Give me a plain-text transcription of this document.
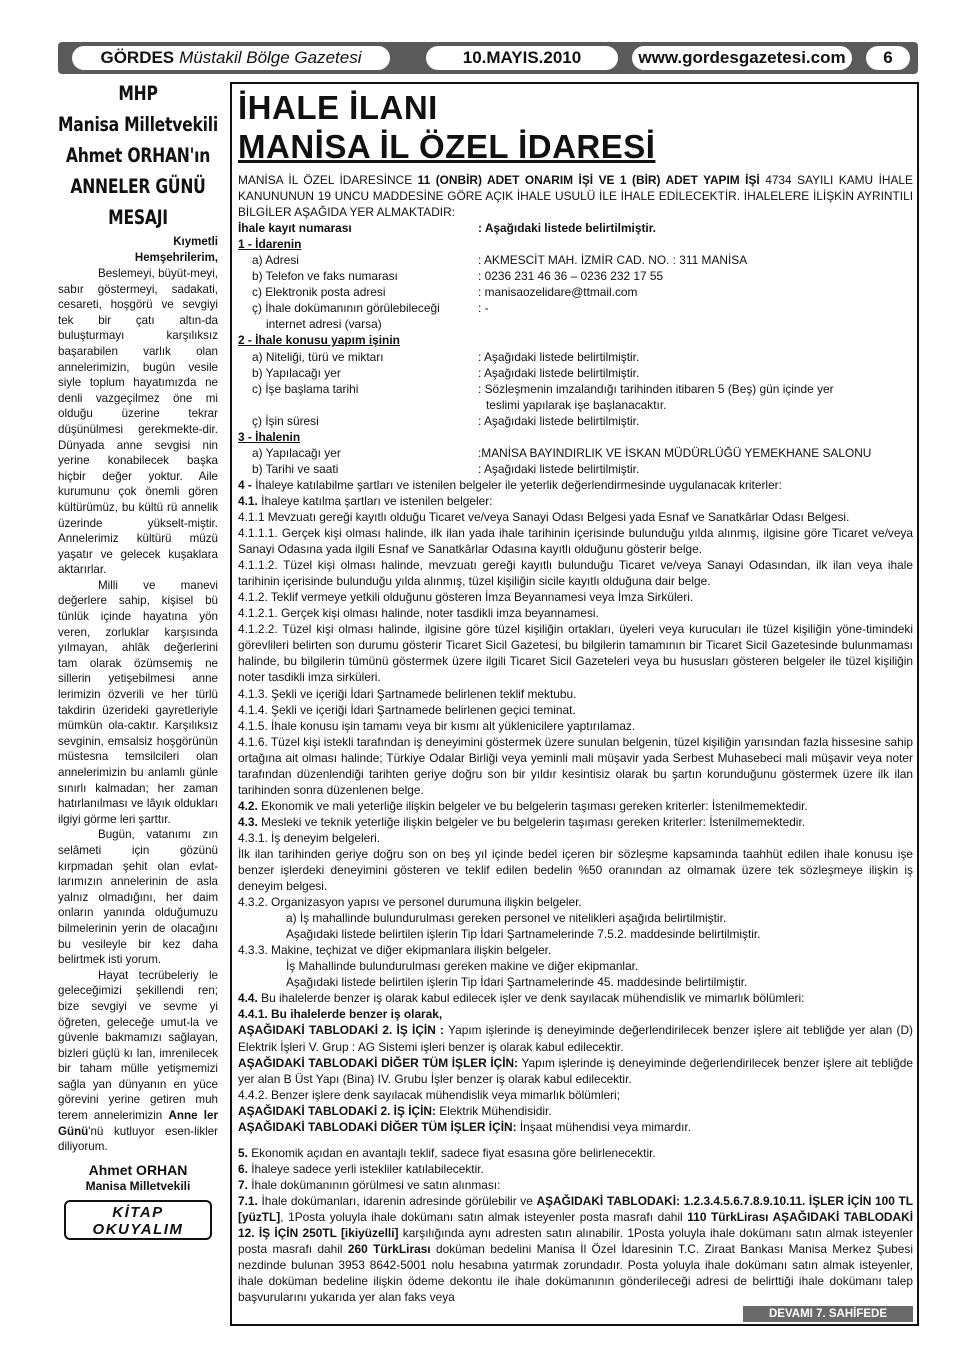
GÖRDES Müstakil Bölge Gazetesi	10.MAYIS.2010	www.gordesgazetesi.com	6
MHP
Manisa Milletvekili
Ahmet ORHAN'ın
ANNELER GÜNÜ
MESAJI
Kıymetli
Hemşehrilerim,

Beslemeyi, büyüt-meyi, sabır göstermeyi, sadakati, cesareti, hoşgörü ve sevgiyi tek bir çatı altın-da buluşturmayı karşılıksız başarabilen varlık olan annelerimizin, bugün vesile siyle toplum hayatımızda ne denli vazgeçilmez öne mi olduğu üzerine tekrar düşünülmesi gerekmekte-dir. Dünyada anne sevgisi nin yerine konabilecek başka hiçbir değer yoktur. Aile kurumunu çok önemli gören kültürümüz, bu kültü rü annelik üzerinde yükselt-miştir. Annelerimiz kültürü müzü yaşatır ve gelecek kuşaklara aktarırlar.

Milli ve manevi değerlere sahip, kişisel bü tünlük içinde hayatına yön veren, zorluklar karşısında yılmayan, ahlâk değerlerini tam olarak özümsemiş ne sillerin yetişebilmesi anne lerimizin özverili ve her türlü takdirin üzerideki gayretleriyle mümkün ola-caktır. Karşılıksız sevginin, emsalsiz hoşgörünün müstesna temsilcileri olan annelerimizin bu anlamlı günle sınırlı kalmadan; her zaman hatırlanılması ve lâyık oldukları ilgiyi görme leri şarttır.

Bugün, vatanımı zın selâmeti için gözünü kırpmadan şehit olan evlat-larımızın annelerinin de asla yalnız olmadığını, her daim onların yanında olduğumuzu bilmelerinin yerin de olacağını bu vesileyle bir kez daha belirtmek isti yorum.

Hayat tecrübeleriy le geleceğimizi şekillendi ren; bize sevgiyi ve sevme yi öğreten, geleceğe umut-la ve güvenle bakmamızı sağlayan, bizleri güçlü kı lan, imrenilecek bir taham mülle yetişmemizi sağla yan dünyanın en yüce görevini yerine getiren muh terem annelerimizin Anne ler Günü'nü kutluyor esen-likler diliyorum.

Ahmet ORHAN
Manisa Milletvekili
KİTAP
OKUYALIM
İHALE İLANI
MANİSA İL ÖZEL İDARESİ
MANİSA İL ÖZEL İDARESİNCE 11 (ONBİR) ADET ONARIM İŞİ VE 1 (BİR) ADET YAPIM İŞİ 4734 SAYILI KAMU İHALE KANUNUNUN 19 UNCU MADDESİNE GÖRE AÇIK İHALE USULÜ İLE İHALE EDİLECEKTİR. İHALELERE İLİŞKİN AYRINTILI BİLGİLER AŞAĞIDA YER ALMAKTADIR:
İhale kayıt numarası	: Aşağıdaki listede belirtilmiştir.
1 - İdarenin
a) Adresi	: AKMESCİT MAH. İZMİR CAD. NO. : 311 MANİSA
b) Telefon ve faks numarası	: 0236 231 46 36 – 0236 232 17 55
c) Elektronik posta adresi	: manisaozelidare@ttmail.com
ç) İhale dokümanının görülebileceği	: -
internet adresi (varsa)
2 - İhale konusu yapım işinin
a) Niteliği, türü ve miktarı	: Aşağıdaki listede belirtilmiştir.
b) Yapılacağı yer	: Aşağıdaki listede belirtilmiştir.
c) İşe başlama tarihi	: Sözleşmenin imzalandığı tarihinden itibaren 5 (Beş) gün içinde yer
teslimi yapılarak işe başlanacaktır.
ç) İşin süresi	: Aşağıdaki listede belirtilmiştir.
3 - İhalenin
a) Yapılacağı yer	:MANİSA BAYINDIRLIK VE İSKAN MÜDÜRLÜĞÜ YEMEKHANE SALONU
b) Tarihi ve saati	: Aşağıdaki listede belirtilmiştir.
4 - İhaleye katılabilme şartları ve istenilen belgeler ile yeterlik değerlendirmesinde uygulanacak kriterler:
4.1. İhaleye katılma şartları ve istenilen belgeler:
4.1.1 Mevzuatı gereği kayıtlı olduğu Ticaret ve/veya Sanayi Odası Belgesi yada Esnaf ve Sanatkârlar Odası Belgesi.
4.1.1.1. Gerçek kişi olması halinde, ilk ilan yada ihale tarihinin içerisinde bulunduğu yılda alınmış, ilgisine göre Ticaret ve/veya Sanayi Odasına yada ilgili Esnaf ve Sanatkârlar Odasına kayıtlı olduğunu gösterir belge.
4.1.1.2. Tüzel kişi olması halinde, mevzuatı gereği kayıtlı bulunduğu Ticaret ve/veya Sanayi Odasından, ilk ilan veya ihale tarihinin içerisinde bulunduğu yılda alınmış, tüzel kişiliğin sicile kayıtlı olduğuna dair belge.
4.1.2. Teklif vermeye yetkili olduğunu gösteren İmza Beyannamesi veya İmza Sirküleri.
4.1.2.1. Gerçek kişi olması halinde, noter tasdikli imza beyannamesi.
4.1.2.2. Tüzel kişi olması halinde, ilgisine göre tüzel kişiliğin ortakları, üyeleri veya kurucuları ile tüzel kişiliğin yöne-timindeki görevlileri belirten son durumu gösterir Ticaret Sicil Gazetesi, bu bilgilerin tamamının bir Ticaret Sicil Gazetesinde bulunmaması halinde, bu bilgilerin tümünü göstermek üzere ilgili Ticaret Sicil Gazeteleri veya bu hususları gösteren belgeler ile tüzel kişiliğin noter tasdikli imza sirküleri.
4.1.3. Şekli ve içeriği İdari Şartnamede belirlenen teklif mektubu.
4.1.4. Şekli ve içeriği İdari Şartnamede belirlenen geçici teminat.
4.1.5. İhale konusu işin tamamı veya bir kısmı alt yüklenicilere yaptırılamaz.
4.1.6. Tüzel kişi istekli tarafından iş deneyimini göstermek üzere sunulan belgenin, tüzel kişiliğin yarısından fazla hissesine sahip ortağına ait olması halinde; Türkiye Odalar Birliği veya yeminli mali müşavir yada Serbest Muhasebeci mali müşavir veya noter tarafından düzenlendiği tarihten geriye doğru son bir yıldır kesintisiz olarak bu şartın korunduğunu göstermek üzere ilk ilan tarihinden sonra düzenlenen belge.
4.2. Ekonomik ve mali yeterliğe ilişkin belgeler ve bu belgelerin taşıması gereken kriterler: İstenilmemektedir.
4.3. Mesleki ve teknik yeterliğe ilişkin belgeler ve bu belgelerin taşıması gereken kriterler: İstenilmemektedir.
4.3.1. İş deneyim belgeleri.
İlk ilan tarihinden geriye doğru son on beş yıl içinde bedel içeren bir sözleşme kapsamında taahhüt edilen ihale konusu işe benzer işlerdeki deneyimini gösteren ve teklif edilen bedelin %50 oranından az olmamak üzere tek sözleşmeye ilişkin iş deneyim belgesi.
4.3.2. Organizasyon yapısı ve personel durumuna ilişkin belgeler.
a) İş mahallinde bulundurulması gereken personel ve nitelikleri aşağıda belirtilmiştir.
Aşağıdaki listede belirtilen işlerin Tip İdari Şartnamelerinde 7.5.2. maddesinde belirtilmiştir.
4.3.3. Makine, teçhizat ve diğer ekipmanlara ilişkin belgeler.
İş Mahallinde bulundurulması gereken makine ve diğer ekipmanlar.
Aşağıdaki listede belirtilen işlerin Tip İdari Şartnamelerinde 45. maddesinde belirtilmiştir.
4.4. Bu ihalelerde benzer iş olarak kabul edilecek işler ve denk sayılacak mühendislik ve mimarlık bölümleri:
4.4.1. Bu ihalelerde benzer iş olarak,
AŞAĞIDAKİ TABLODAKİ 2. İŞ İÇİN : Yapım işlerinde iş deneyiminde değerlendirilecek benzer işlere ait tebliğde yer alan (D) Elektrik İşleri V. Grup : AG Sistemi işleri benzer iş olarak kabul edilecektir.
AŞAĞIDAKİ TABLODAKİ DİĞER TÜM İŞLER İÇİN: Yapım işlerinde iş deneyiminde değerlendirilecek benzer işlere ait tebliğde yer alan B Üst Yapı (Bina) IV. Grubu İşler benzer iş olarak kabul edilecektir.
4.4.2. Benzer işlere denk sayılacak mühendislik veya mimarlık bölümleri;
AŞAĞIDAKİ TABLODAKİ 2. İŞ İÇİN: Elektrik Mühendisidir.
AŞAĞIDAKİ TABLODAKİ DİĞER TÜM İŞLER İÇİN: İnşaat mühendisi veya mimardır.
5. Ekonomik açıdan en avantajlı teklif, sadece fiyat esasına göre belirlenecektir.
6. İhaleye sadece yerli istekliler katılabilecektir.
7. İhale dokümanının görülmesi ve satın alınması:
7.1. İhale dokümanları, idarenin adresinde görülebilir ve AŞAĞIDAKİ TABLODAKİ: 1.2.3.4.5.6.7.8.9.10.11. İŞLER İÇİN 100 TL [yüzTL], 1Posta yoluyla ihale dokümanı satın almak isteyenler posta masrafı dahil 110 TürkLirası AŞAĞIDAKİ TABLODAKİ 12. İŞ İÇİN 250TL [ikiyüzelli] karşılığında aynı adresten satın alınabilir. 1Posta yoluyla ihale dokümanı satın almak isteyenler posta masrafı dahil 260 TürkLirası doküman bedelini Manisa İl Özel İdaresinin T.C. Ziraat Bankası Manisa Merkez Şubesi nezdinde bulunan 3953 8642-5001 nolu hesabına yatırmak zorundadır. Posta yoluyla ihale dokümanı satın almak isteyenler, ihale doküman bedeline ilişkin ödeme dekontu ile ihale dokümanının gönderileceği adresi de belirttiği ihale dokümanı talep başvurularını yukarıda yer alan faks veya
DEVAMI 7. SAHİFEDE
